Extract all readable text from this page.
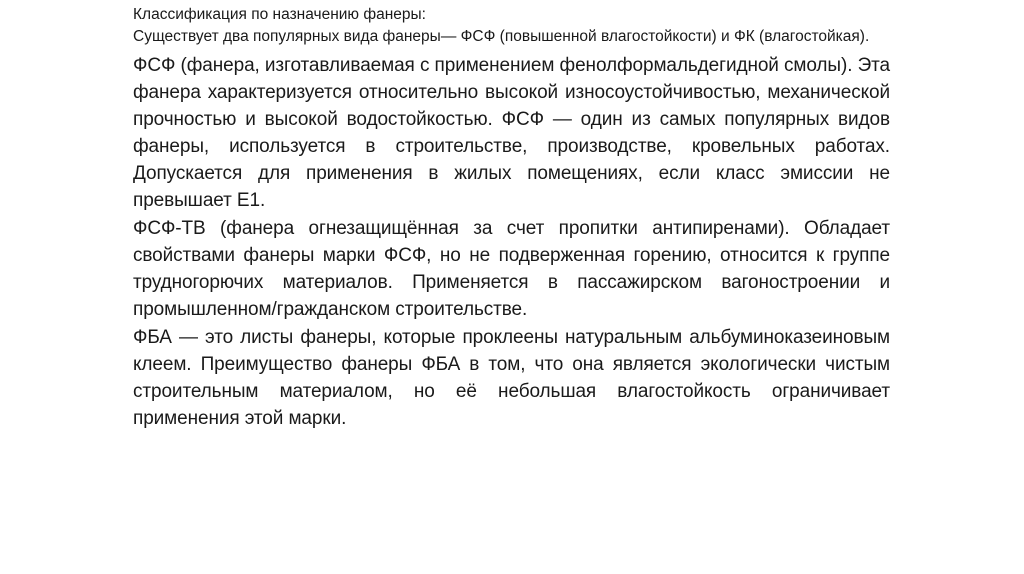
Классификация по назначению фанеры:

Существует два популярных вида фанеры— ФСФ (повышенной влагостойкости) и ФК (влагостойкая).

ФСФ (фанера, изготавливаемая с применением фенолформальдегидной смолы). Эта фанера характеризуется относительно высокой износоустойчивостью, механической прочностью и высокой водостойкостью. ФСФ — один из самых популярных видов фанеры, используется в строительстве, производстве, кровельных работах. Допускается для применения в жилых помещениях, если класс эмиссии не превышает Е1.

ФСФ-ТВ (фанера огнезащищённая за счет пропитки антипиренами). Обладает свойствами фанеры марки ФСФ, но не подверженная горению, относится к группе трудногорючих материалов. Применяется в пассажирском вагоностроении и промышленном/гражданском строительстве.

ФБА — это листы фанеры, которые проклеены натуральным альбуминоказеиновым клеем. Преимущество фанеры ФБА в том, что она является экологически чистым строительным материалом, но её небольшая влагостойкость ограничивает применения этой марки.
